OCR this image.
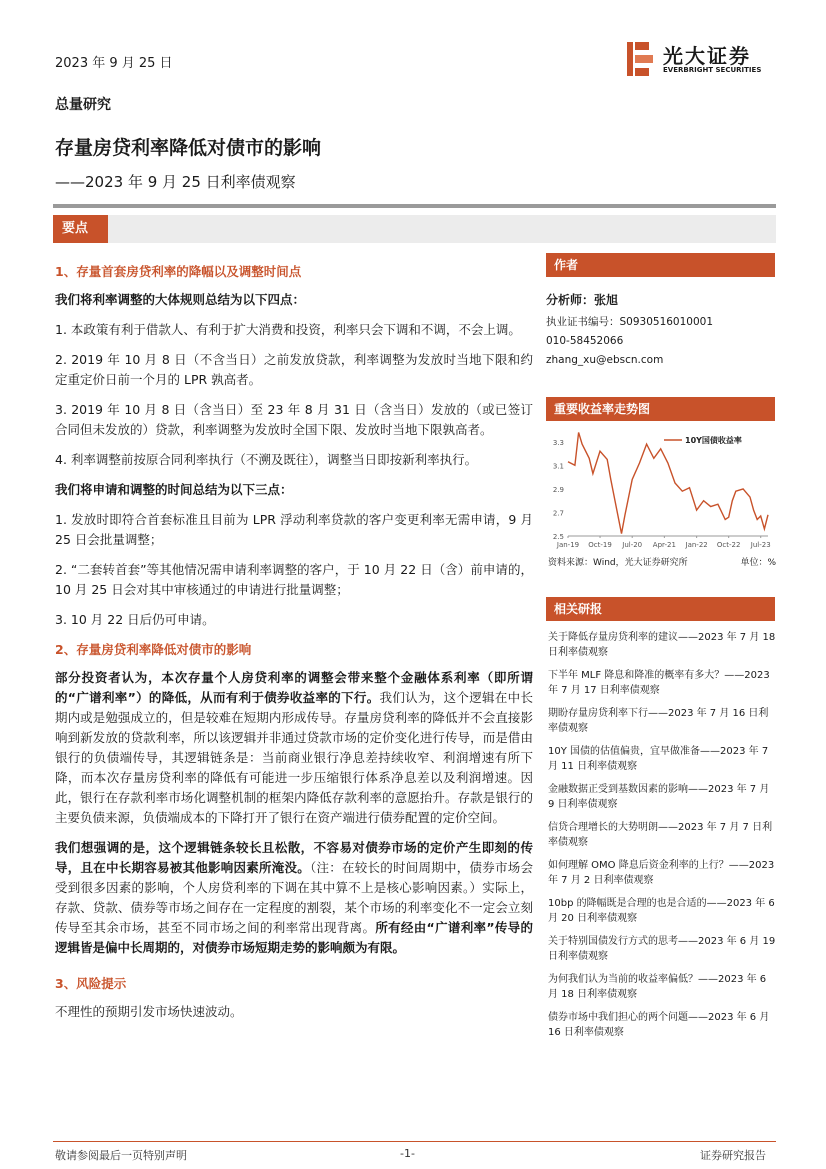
2023 年 9 月 25 日	光大证券
EVERBRIGHT SECURITIES
总量研究
存量房贷利率降低对债市的影响
——2023 年 9 月 25 日利率债观察
要点

1、存量首套房贷利率的降幅以及调整时间点

我们将利率调整的大体规则总结为以下四点：

1. 本政策有利于借款人、有利于扩大消费和投资，利率只会下调和不调，不会上调。

2. 2019 年 10 月 8 日（不含当日）之前发放贷款，利率调整为发放时当地下限和约定重定价日前一个月的 LPR 孰高者。

3. 2019 年 10 月 8 日（含当日）至 23 年 8 月 31 日（含当日）发放的（或已签订合同但未发放的）贷款，利率调整为发放时全国下限、发放时当地下限孰高者。

4. 利率调整前按原合同利率执行（不溯及既往），调整当日即按新利率执行。

我们将申请和调整的时间总结为以下三点：

1. 发放时即符合首套标准且目前为 LPR 浮动利率贷款的客户变更利率无需申请，9 月 25 日会批量调整；

2. “二套转首套”等其他情况需申请利率调整的客户，于 10 月 22 日（含）前申请的，10 月 25 日会对其中审核通过的申请进行批量调整；

3. 10 月 22 日后仍可申请。

2、存量房贷利率降低对债市的影响

部分投资者认为，本次存量个人房贷利率的调整会带来整个金融体系利率（即所谓的“广谱利率”）的降低，从而有利于债券收益率的下行。我们认为，这个逻辑在中长期内或是勉强成立的，但是较难在短期内形成传导。存量房贷利率的降低并不会直接影响到新发放的贷款利率，所以该逻辑并非通过贷款市场的定价变化进行传导，而是借由银行的负债端传导，其逻辑链条是：当前商业银行净息差持续收窄、利润增速有所下降，而本次存量房贷利率的降低有可能进一步压缩银行体系净息差以及利润增速。因此，银行在存款利率市场化调整机制的框架内降低存款利率的意愿抬升。存款是银行的主要负债来源，负债端成本的下降打开了银行在资产端进行债券配置的定价空间。

我们想强调的是，这个逻辑链条较长且松散，不容易对债券市场的定价产生即刻的传导，且在中长期容易被其他影响因素所淹没。（注：在较长的时间周期中，债券市场会受到很多因素的影响，个人房贷利率的下调在其中算不上是核心影响因素。）实际上，存款、贷款、债券等市场之间存在一定程度的割裂，某个市场的利率变化不一定会立刻传导至其余市场，甚至不同市场之间的利率常出现背离。所有经由“广谱利率”传导的逻辑皆是偏中长周期的，对债券市场短期走势的影响颇为有限。

3、风险提示

不理性的预期引发市场快速波动。

作者
分析师：张旭
执业证书编号：S0930516010001
010-58452066
zhang_xu@ebscn.com
重要收益率走势图
2.5
2.7
2.9
3.1
3.3
Jan-19 Oct-19 Jul-20 Apr-21 Jan-22 Oct-22 Jul-23
10Y国债收益率
资料来源：Wind，光大证券研究所	单位：%
相关研报
关于降低存量房贷利率的建议——2023 年 7 月 18 日利率债观察
下半年 MLF 降息和降准的概率有多大？——2023 年 7 月 17 日利率债观察
期盼存量房贷利率下行——2023 年 7 月 16 日利率债观察
10Y 国债的估值偏贵，宜早做准备——2023 年 7 月 11 日利率债观察
金融数据正受到基数因素的影响——2023 年 7 月 9 日利率债观察
信贷合理增长的大势明朗——2023 年 7 月 7 日利率债观察
如何理解 OMO 降息后资金利率的上行？——2023 年 7 月 2 日利率债观察
10bp 的降幅既是合理的也是合适的——2023 年 6 月 20 日利率债观察
关于特别国债发行方式的思考——2023 年 6 月 19 日利率债观察
为何我们认为当前的收益率偏低？——2023 年 6 月 18 日利率债观察
债券市场中我们担心的两个问题——2023 年 6 月 16 日利率债观察
敬请参阅最后一页特别声明	-1-	证券研究报告
